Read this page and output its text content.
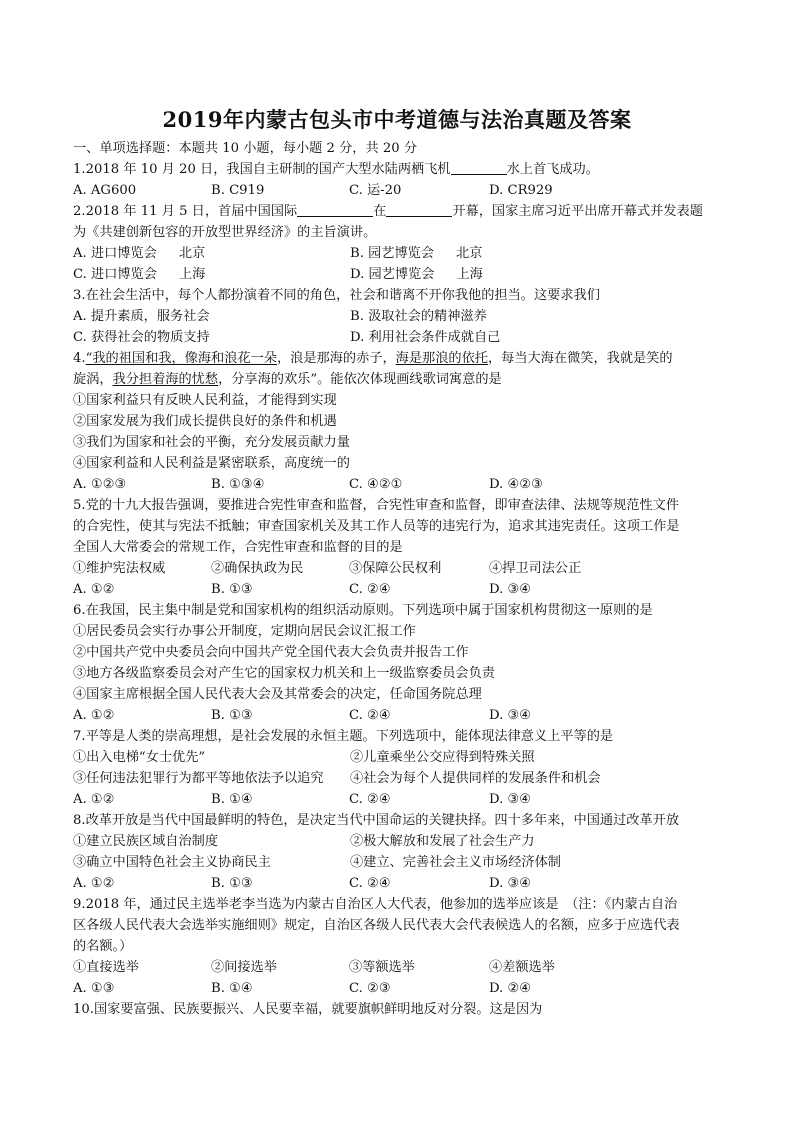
2019年内蒙古包头市中考道德与法治真题及答案
一、单项选择题：本题共 10 小题，每小题 2 分，共 20 分
1.2018 年 10 月 20 日，我国自主研制的国产大型水陆两栖飞机	水上首飞成功。
A. AG600	B. C919	C. 运-20	D. CR929
2.2018 年 11 月 5 日，首届中国国际	在	开幕，国家主席习近平出席开幕式并发表题
为《共建创新包容的开放型世界经济》的主旨演讲。
A. 进口博览会 北京	B. 园艺博览会 北京
C. 进口博览会 上海	D. 园艺博览会 上海
3.在社会生活中，每个人都扮演着不同的角色，社会和谐离不开你我他的担当。这要求我们
A. 提升素质，服务社会	B. 汲取社会的精神滋养
C. 获得社会的物质支持	D. 利用社会条件成就自己
4.“我的祖国和我，像海和浪花一朵，浪是那海的赤子，海是那浪的依托，每当大海在微笑，我就是笑的
旋涡，我分担着海的忧愁，分享海的欢乐”。能依次体现画线歌词寓意的是
①国家利益只有反映人民利益，才能得到实现
②国家发展为我们成长提供良好的条件和机遇
③我们为国家和社会的平衡，充分发展贡献力量
④国家利益和人民利益是紧密联系，高度统一的
A. ①②③	B. ①③④	C. ④②①	D. ④②③
5.党的十九大报告强调，要推进合宪性审查和监督，合宪性审查和监督，即审查法律、法规等规范性文件
的合宪性，使其与宪法不抵触；审查国家机关及其工作人员等的违宪行为，追求其违宪责任。这项工作是
全国人大常委会的常规工作，合宪性审查和监督的目的是
①维护宪法权威	②确保执政为民	③保障公民权利	④捍卫司法公正
A. ①②	B. ①③	C. ②④	D. ③④
6.在我国，民主集中制是党和国家机构的组织活动原则。下列选项中属于国家机构贯彻这一原则的是
①居民委员会实行办事公开制度，定期向居民会议汇报工作
②中国共产党中央委员会向中国共产党全国代表大会负责并报告工作
③地方各级监察委员会对产生它的国家权力机关和上一级监察委员会负责
④国家主席根据全国人民代表大会及其常委会的决定，任命国务院总理
A. ①②	B. ①③	C. ②④	D. ③④
7.平等是人类的崇高理想，是社会发展的永恒主题。下列选项中，能体现法律意义上平等的是
①出入电梯“女士优先”	②儿童乘坐公交应得到特殊关照
③任何违法犯罪行为都平等地依法予以追究	④社会为每个人提供同样的发展条件和机会
A. ①②	B. ①④	C. ②④	D. ③④
8.改革开放是当代中国最鲜明的特色，是决定当代中国命运的关键抉择。四十多年来，中国通过改革开放
①建立民族区域自治制度	②极大解放和发展了社会生产力
③确立中国特色社会主义协商民主	④建立、完善社会主义市场经济体制
A. ①②	B. ①③	C. ②④	D. ③④
9.2018 年，通过民主选举老李当选为内蒙古自治区人大代表，他参加的选举应该是　（注：《内蒙古自治
区各级人民代表大会选举实施细则》规定，自治区各级人民代表大会代表候选人的名额，应多于应选代表
的名额。）
①直接选举	②间接选举	③等额选举	④差额选举
A. ①③	B. ①④	C. ②③	D. ②④
10.国家要富强、民族要振兴、人民要幸福，就要旗帜鲜明地反对分裂。这是因为
